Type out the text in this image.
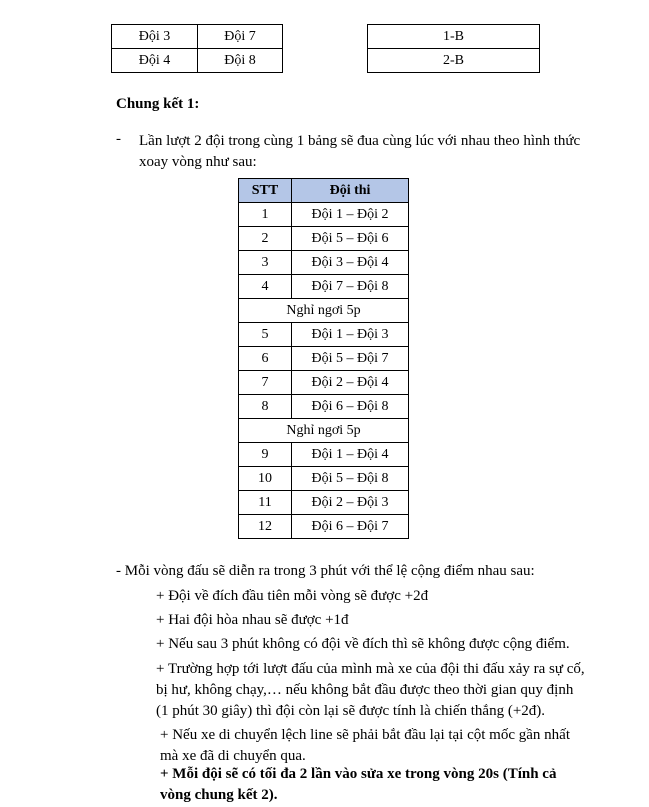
Đội 3	Đội 7
Đội 4	Đội 8
1-B
2-B
Chung kết 1:
- Lần lượt 2 đội trong cùng 1 bảng sẽ đua cùng lúc với nhau theo hình thức xoay vòng như sau:
STT	Đội thi
1	Đội 1 – Đội 2
2	Đội 5 – Đội 6
3	Đội 3 – Đội 4
4	Đội 7 – Đội 8
Nghỉ ngơi 5p	
5	Đội 1 – Đội 3
6	Đội 5 – Đội 7
7	Đội 2 – Đội 4
8	Đội 6 – Đội 8
Nghỉ ngơi 5p	
9	Đội 1 – Đội 4
10	Đội 5 – Đội 8
11	Đội 2 – Đội 3
12	Đội 6 – Đội 7
- Mỗi vòng đấu sẽ diễn ra trong 3 phút với thể lệ cộng điểm nhau sau:
+ Đội về đích đầu tiên mỗi vòng sẽ được +2đ
+ Hai đội hòa nhau sẽ được +1đ
+ Nếu sau 3 phút không có đội về đích thì sẽ không được cộng điểm.
+ Trường hợp tới lượt đấu của mình mà xe của đội thi đấu xảy ra sự cố,
bị hư, không chạy,… nếu không bắt đầu được theo thời gian quy định
(1 phút 30 giây) thì đội còn lại sẽ được tính là chiến thắng (+2đ).
+ Nếu xe di chuyển lệch line sẽ phải bắt đầu lại tại cột mốc gần nhất
mà xe đã di chuyển qua.
+ Mỗi đội sẽ có tối đa 2 lần vào sửa xe trong vòng 20s (Tính cả
vòng chung kết 2).
